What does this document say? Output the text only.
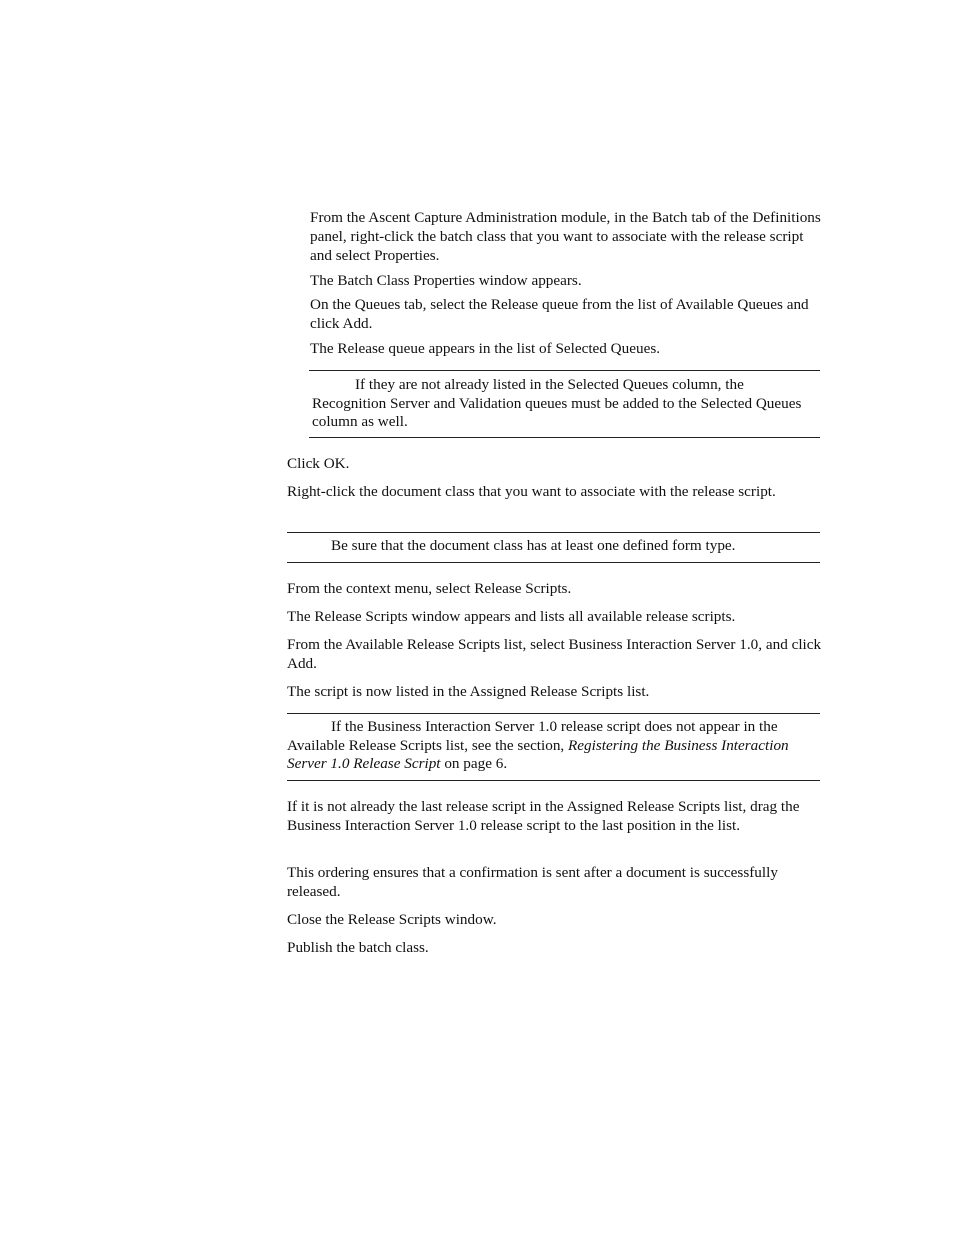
From the Ascent Capture Administration module, in the Batch tab of the Definitions panel, right-click the batch class that you want to associate with the release script and select Properties.

The Batch Class Properties window appears.

On the Queues tab, select the Release queue from the list of Available Queues and click Add.

The Release queue appears in the list of Selected Queues.

If they are not already listed in the Selected Queues column, the Recognition Server and Validation queues must be added to the Selected Queues column as well.

Click OK.

Right-click the document class that you want to associate with the release script.

Be sure that the document class has at least one defined form type.

From the context menu, select Release Scripts.

The Release Scripts window appears and lists all available release scripts.

From the Available Release Scripts list, select Business Interaction Server 1.0, and click Add.

The script is now listed in the Assigned Release Scripts list.

If the Business Interaction Server 1.0 release script does not appear in the Available Release Scripts list, see the section, Registering the Business Interaction Server 1.0 Release Script on page 6.

If it is not already the last release script in the Assigned Release Scripts list, drag the Business Interaction Server 1.0 release script to the last position in the list.

This ordering ensures that a confirmation is sent after a document is successfully released.

Close the Release Scripts window.

Publish the batch class.
